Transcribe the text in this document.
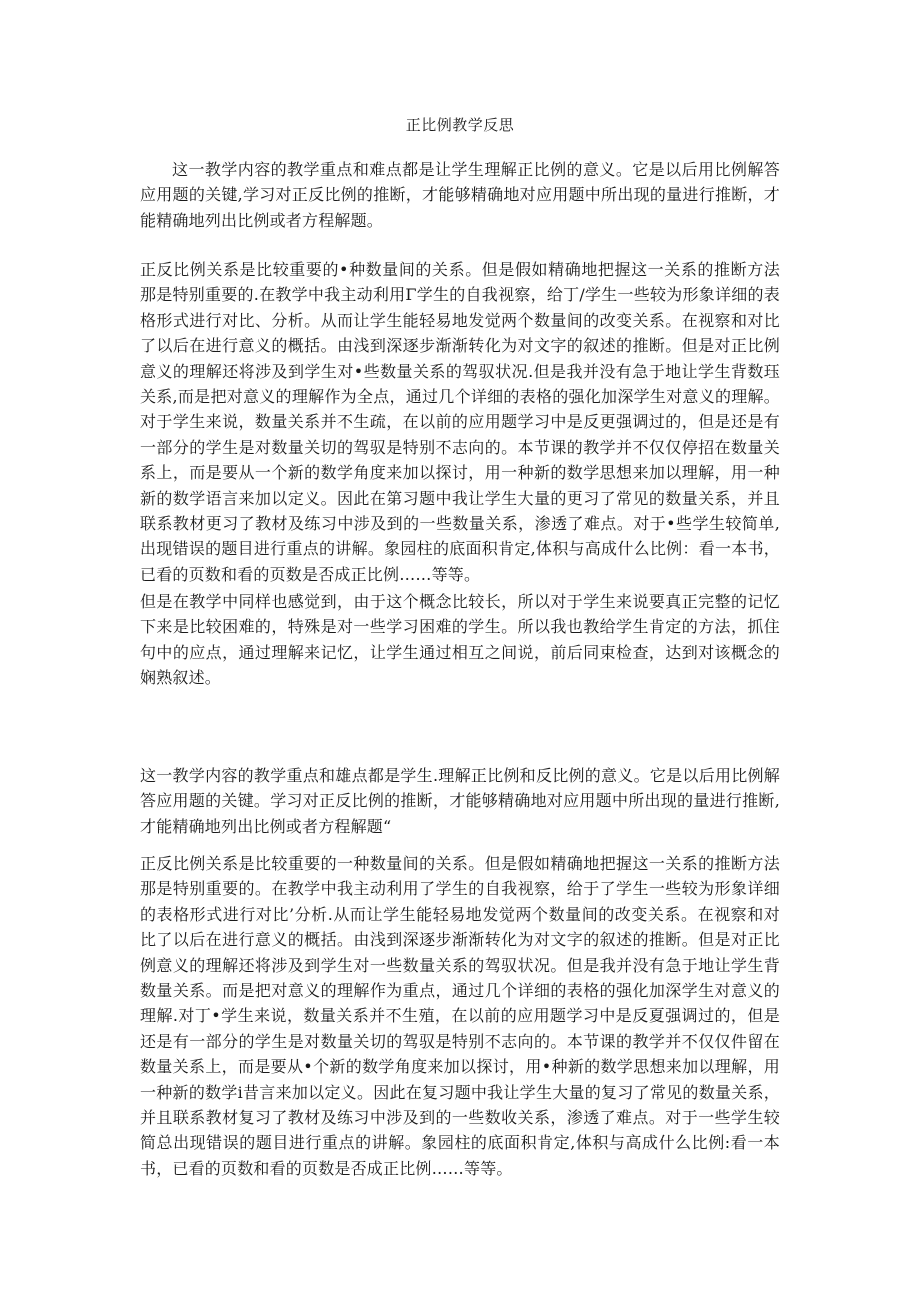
正比例教学反思

这一教学内容的教学重点和难点都是让学生理解正比例的意义。它是以后用比例解答应用题的关键,学习对正反比例的推断，才能够精确地对应用题中所出现的量进行推断，才能精确地列出比例或者方程解题。

正反比例关系是比较重要的•种数量间的关系。但是假如精确地把握这一关系的推断方法那是特别重要的.在教学中我主动利用Γ学生的自我视察，给丁/学生一些较为形象详细的表格形式进行对比、分析。从而让学生能轻易地发觉两个数量间的改变关系。在视察和对比了以后在进行意义的概括。由浅到深逐步渐渐转化为对文字的叙述的推断。但是对正比例意义的理解还将涉及到学生对•些数量关系的驾驭状况.但是我并没有急于地让学生背数珏关系,而是把对意义的理解作为全点，通过几个详细的表格的强化加深学生对意义的理解。对于学生来说，数量关系并不生疏，在以前的应用题学习中是反更强调过的，但是还是有一部分的学生是对数量关切的驾驭是特别不志向的。本节课的教学并不仅仅停招在数量关系上，而是要从一个新的数学角度来加以探讨，用一种新的数学思想来加以理解，用一种新的数学语言来加以定义。因此在第习题中我让学生大量的更习了常见的数量关系，并且联系教材更习了教材及练习中涉及到的一些数量关系，渗透了难点。对于•些学生较简单,出现错误的题目进行重点的讲解。象园柱的底面积肯定,体积与高成什么比例：看一本书，已看的页数和看的页数是否成正比例……等等。

但是在教学中同样也感觉到，由于这个概念比较长，所以对于学生来说要真正完整的记忆下来是比较困难的，特殊是对一些学习困难的学生。所以我也教给学生肯定的方法，抓住句中的应点，通过理解来记忆，让学生通过相互之间说，前后同束检查，达到对该概念的娴熟叙述。

这一教学内容的教学重点和雄点都是学生.理解正比例和反比例的意义。它是以后用比例解答应用题的关键。学习对正反比例的推断，才能够精确地对应用题中所出现的量进行推断,才能精确地列出比例或者方程解题“

正反比例关系是比较重要的一种数量间的关系。但是假如精确地把握这一关系的推断方法那是特别重要的。在教学中我主动利用了学生的自我视察，给于了学生一些较为形象详细的表格形式进行对比’分析.从而让学生能轻易地发觉两个数量间的改变关系。在视察和对比了以后在进行意义的概括。由浅到深逐步渐渐转化为对文字的叙述的推断。但是对正比例意义的理解还将涉及到学生对一些数量关系的驾驭状况。但是我并没有急于地让学生背数量关系。而是把对意义的理解作为重点，通过几个详细的表格的强化加深学生对意义的理解.对丁•学生来说，数量关系并不生殖，在以前的应用题学习中是反夏强调过的，但是还是有一部分的学生是对数量关切的驾驭是特别不志向的。本节课的教学并不仅仅件留在数量关系上，而是要从•个新的数学角度来加以探讨，用•种新的数学思想来加以理解，用一种新的数学ⅰ昔言来加以定义。因此在复习题中我让学生大量的复习了常见的数量关系，并且联系教材复习了教材及练习中涉及到的一些数收关系，渗透了难点。对于一些学生较简总出现错误的题目进行重点的讲解。象园柱的底面积肯定,体积与高成什么比例:看一本书，已看的页数和看的页数是否成正比例……等等。
